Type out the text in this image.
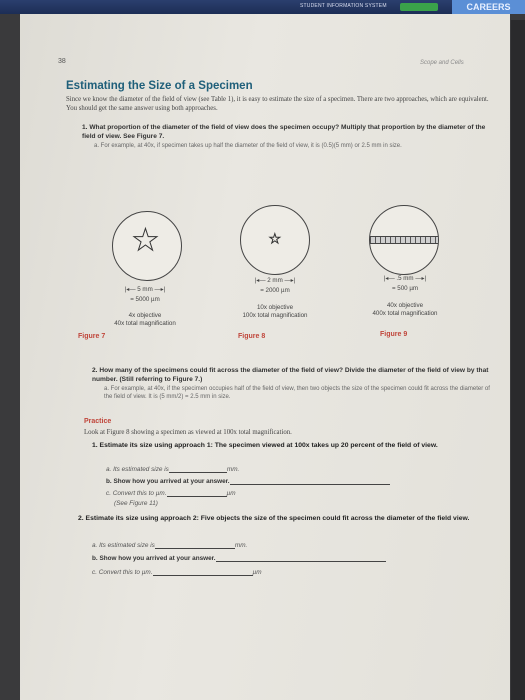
STUDENT INFORMATION SYSTEM	CAREERS
38	Scope and Cells
Estimating the Size of a Specimen
Since we know the diameter of the field of view (see Table 1), it is easy to estimate the size of a specimen. There are two approaches, which are equivalent. You should get the same answer using both approaches.
1. What proportion of the diameter of the field of view does the specimen occupy? Multiply that proportion by the diameter of the field of view. See Figure 7.
a. For example, at 40x, if specimen takes up half the diameter of the field of view, it is (0.5)(5 mm) or 2.5 mm in size.
★
|◂— 5 mm —▸|
= 5000 µm
4x objective
40x total magnification
Figure 7
★
|◂— 2 mm —▸|
= 2000 µm
10x objective
100x total magnification
Figure 8
|◂— .5 mm —▸|
= 500 µm
40x objective
400x total magnification
Figure 9
2. How many of the specimens could fit across the diameter of the field of view? Divide the diameter of the field of view by that number. (Still referring to Figure 7.)
a. For example, at 40x, if the specimen occupies half of the field of view, then two objects the size of the specimen could fit across the diameter of the field of view. It is (5 mm/2) = 2.5 mm in size.
Practice
Look at Figure 8 showing a specimen as viewed at 100x total magnification.
1. Estimate its size using approach 1: The specimen viewed at 100x takes up 20 percent of the field of view.
a. Its estimated size is	mm.
b. Show how you arrived at your answer.
c. Convert this to µm.	µm
(See Figure 11)
2. Estimate its size using approach 2: Five objects the size of the specimen could fit across the diameter of the field view.
a. Its estimated size is	mm.
b. Show how you arrived at your answer.
c. Convert this to µm.	µm
